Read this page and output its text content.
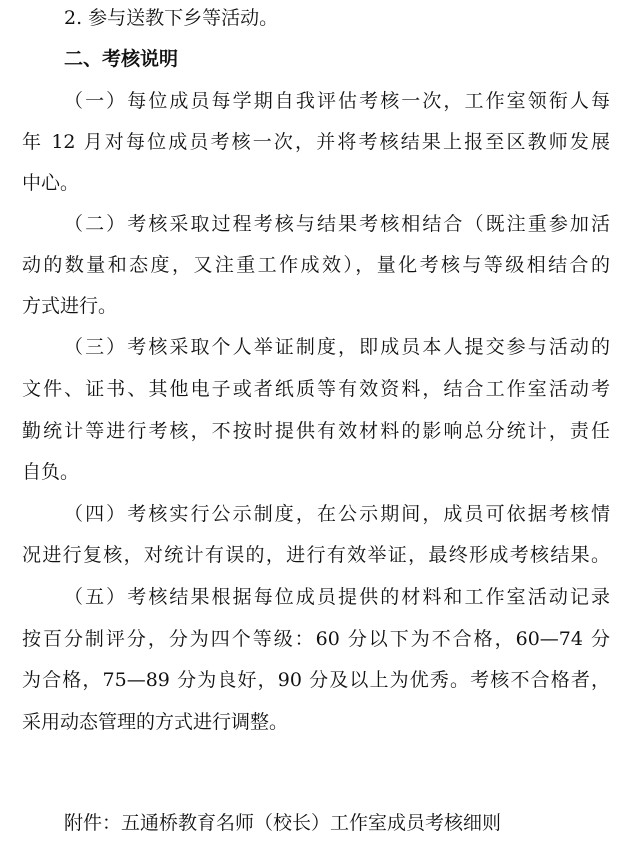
2. 参与送教下乡等活动。
二、考核说明
（一）每位成员每学期自我评估考核一次，工作室领衔人每
年 12 月对每位成员考核一次，并将考核结果上报至区教师发展
中心。
（二）考核采取过程考核与结果考核相结合（既注重参加活
动的数量和态度，又注重工作成效），量化考核与等级相结合的
方式进行。
（三）考核采取个人举证制度，即成员本人提交参与活动的
文件、证书、其他电子或者纸质等有效资料，结合工作室活动考
勤统计等进行考核，不按时提供有效材料的影响总分统计，责任
自负。
（四）考核实行公示制度，在公示期间，成员可依据考核情
况进行复核，对统计有误的，进行有效举证，最终形成考核结果。
（五）考核结果根据每位成员提供的材料和工作室活动记录
按百分制评分，分为四个等级：60 分以下为不合格，60—74 分
为合格，75—89 分为良好，90 分及以上为优秀。考核不合格者，
采用动态管理的方式进行调整。
附件：五通桥教育名师（校长）工作室成员考核细则
